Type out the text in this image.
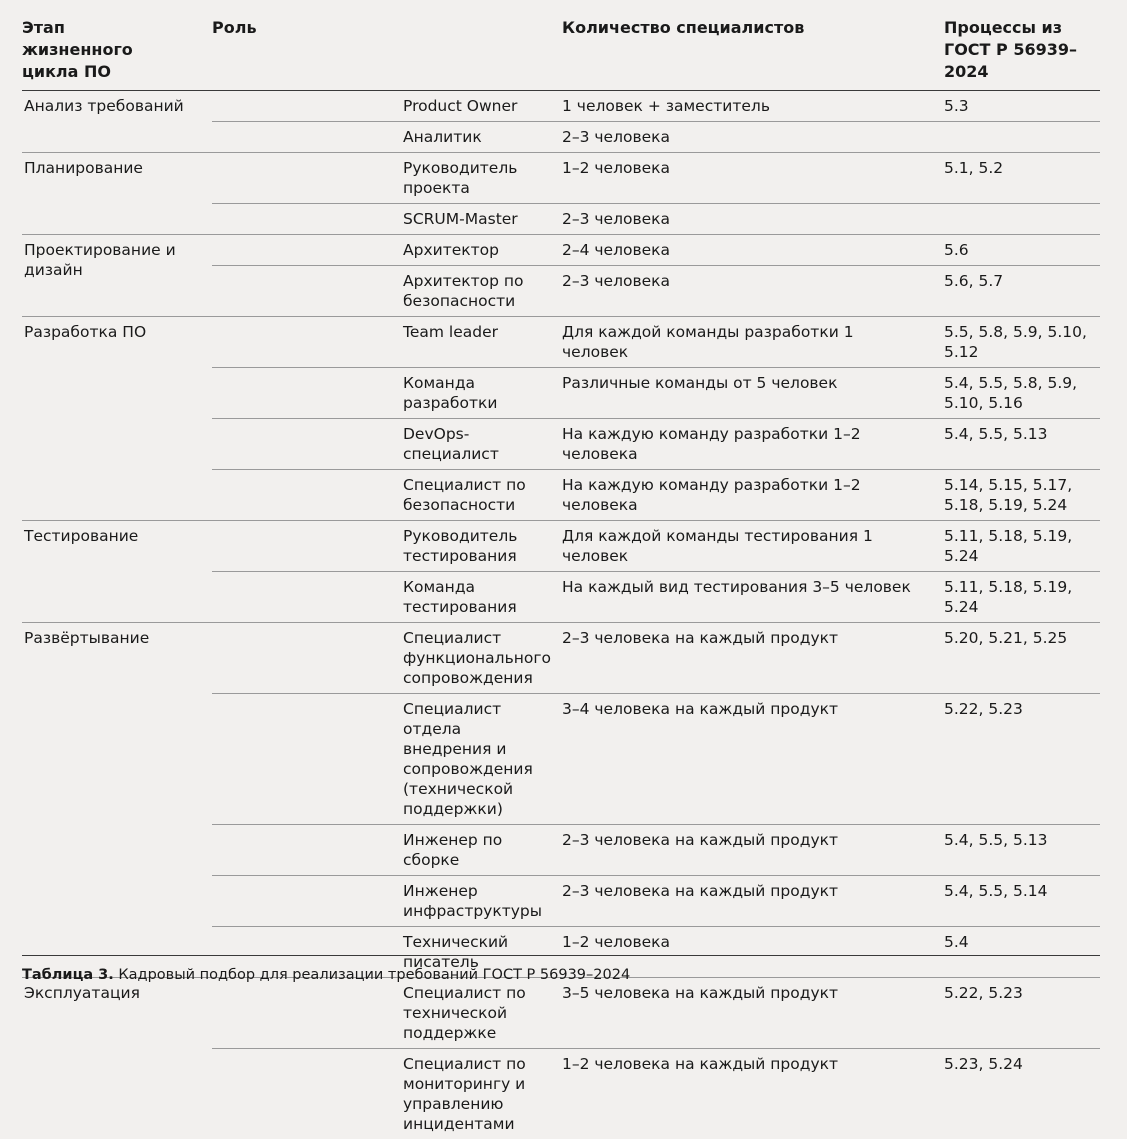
Этап жизненного цикла ПО	Роль	Количество специалистов	Процессы из ГОСТ Р 56939–2024
Анализ требований	Product Owner	1 человек + заместитель	5.3
	Аналитик	2–3 человека	
Планирование	Руководитель проекта	1–2 человека	5.1, 5.2
	SCRUM-Master	2–3 человека	
Проектирование и дизайн	Архитектор	2–4 человека	5.6
	Архитектор по безопасности	2–3 человека	5.6, 5.7
Разработка ПО	Team leader	Для каждой команды разработки 1 человек	5.5, 5.8, 5.9, 5.10, 5.12
	Команда разработки	Различные команды от 5 человек	5.4, 5.5, 5.8, 5.9, 5.10, 5.16
	DevOps-специалист	На каждую команду разработки 1–2 человека	5.4, 5.5, 5.13
	Специалист по безопасности	На каждую команду разработки 1–2 человека	5.14, 5.15, 5.17, 5.18, 5.19, 5.24
Тестирование	Руководитель тестирования	Для каждой команды тестирования 1 человек	5.11, 5.18, 5.19, 5.24
	Команда тестирования	На каждый вид тестирования 3–5 человек	5.11, 5.18, 5.19, 5.24
Развёртывание	Специалист функционального сопровождения	2–3 человека на каждый продукт	5.20, 5.21, 5.25
	Специалист отдела внедрения и сопровождения (технической поддержки)	3–4 человека на каждый продукт	5.22, 5.23
	Инженер по сборке	2–3 человека на каждый продукт	5.4, 5.5, 5.13
	Инженер инфраструктуры	2–3 человека на каждый продукт	5.4, 5.5, 5.14
	Технический писатель	1–2 человека	5.4
Эксплуатация	Специалист по технической поддержке	3–5 человека на каждый продукт	5.22, 5.23
	Специалист по мониторингу и управлению инцидентами	1–2 человека на каждый продукт	5.23, 5.24
Таблица 3. Кадровый подбор для реализации требований ГОСТ Р 56939–2024
